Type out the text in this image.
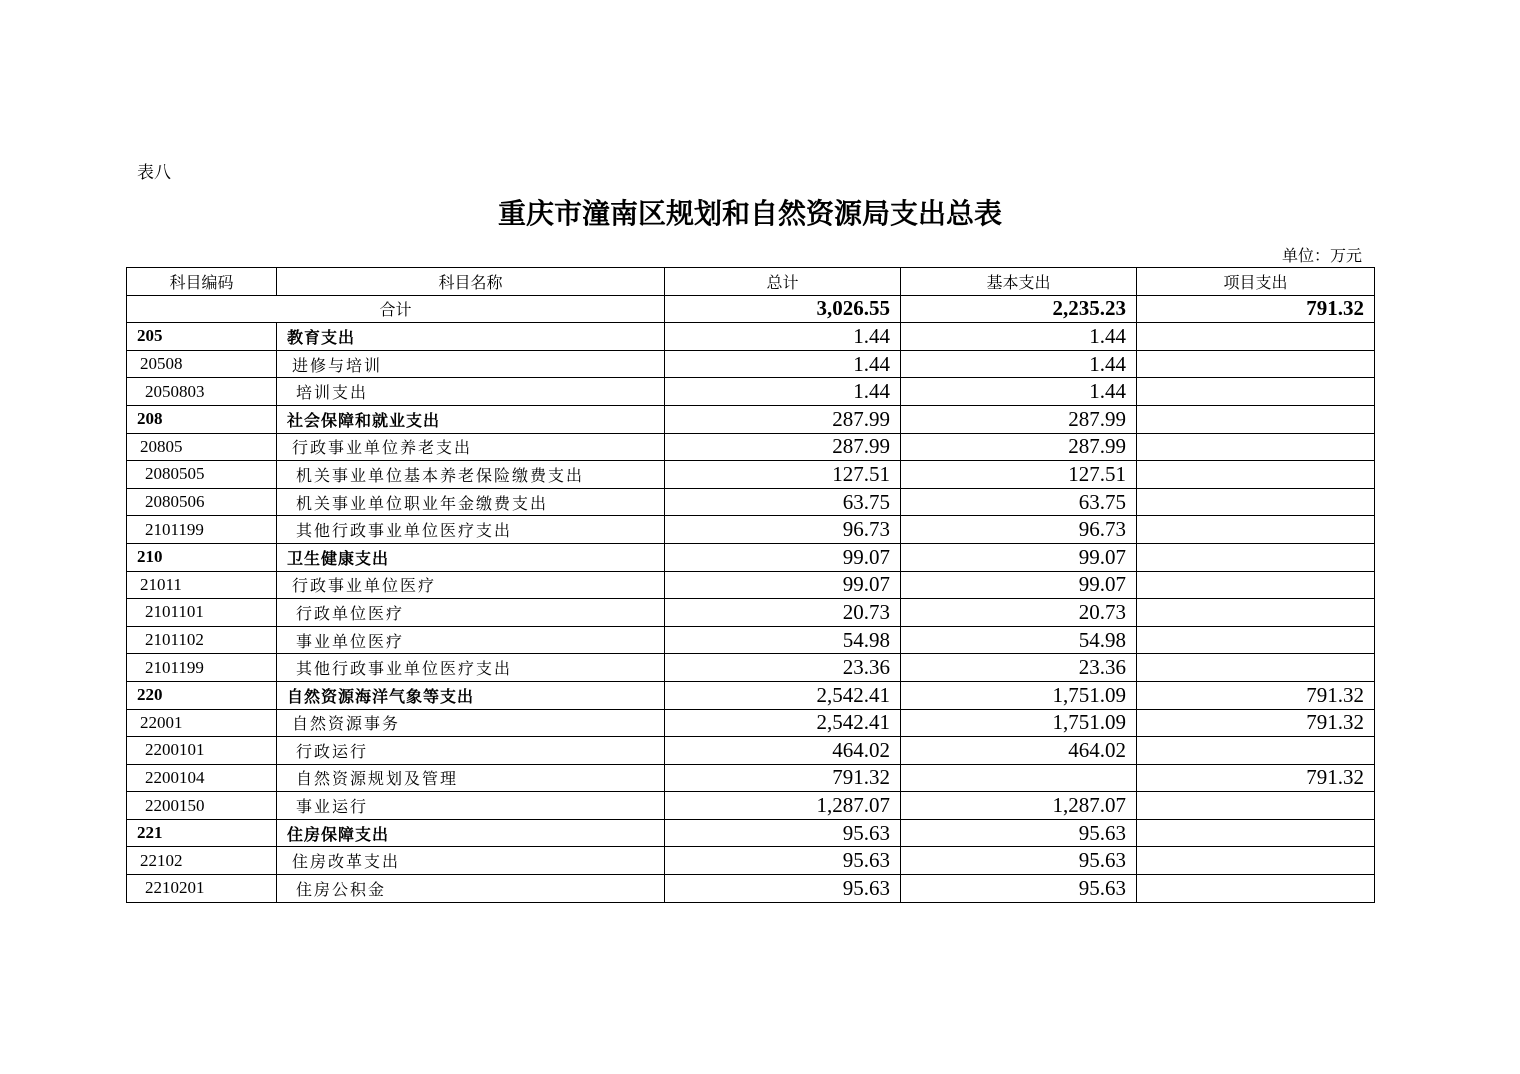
表八
重庆市潼南区规划和自然资源局支出总表
单位：万元
科目编码	科目名称	总计	基本支出	项目支出
合计		3,026.55	2,235.23	791.32
205	教育支出	1.44	1.44	
20508	进修与培训	1.44	1.44	
2050803	培训支出	1.44	1.44	
208	社会保障和就业支出	287.99	287.99	
20805	行政事业单位养老支出	287.99	287.99	
2080505	机关事业单位基本养老保险缴费支出	127.51	127.51	
2080506	机关事业单位职业年金缴费支出	63.75	63.75	
2101199	其他行政事业单位医疗支出	96.73	96.73	
210	卫生健康支出	99.07	99.07	
21011	行政事业单位医疗	99.07	99.07	
2101101	行政单位医疗	20.73	20.73	
2101102	事业单位医疗	54.98	54.98	
2101199	其他行政事业单位医疗支出	23.36	23.36	
220	自然资源海洋气象等支出	2,542.41	1,751.09	791.32
22001	自然资源事务	2,542.41	1,751.09	791.32
2200101	行政运行	464.02	464.02	
2200104	自然资源规划及管理	791.32		791.32
2200150	事业运行	1,287.07	1,287.07	
221	住房保障支出	95.63	95.63	
22102	住房改革支出	95.63	95.63	
2210201	住房公积金	95.63	95.63	
